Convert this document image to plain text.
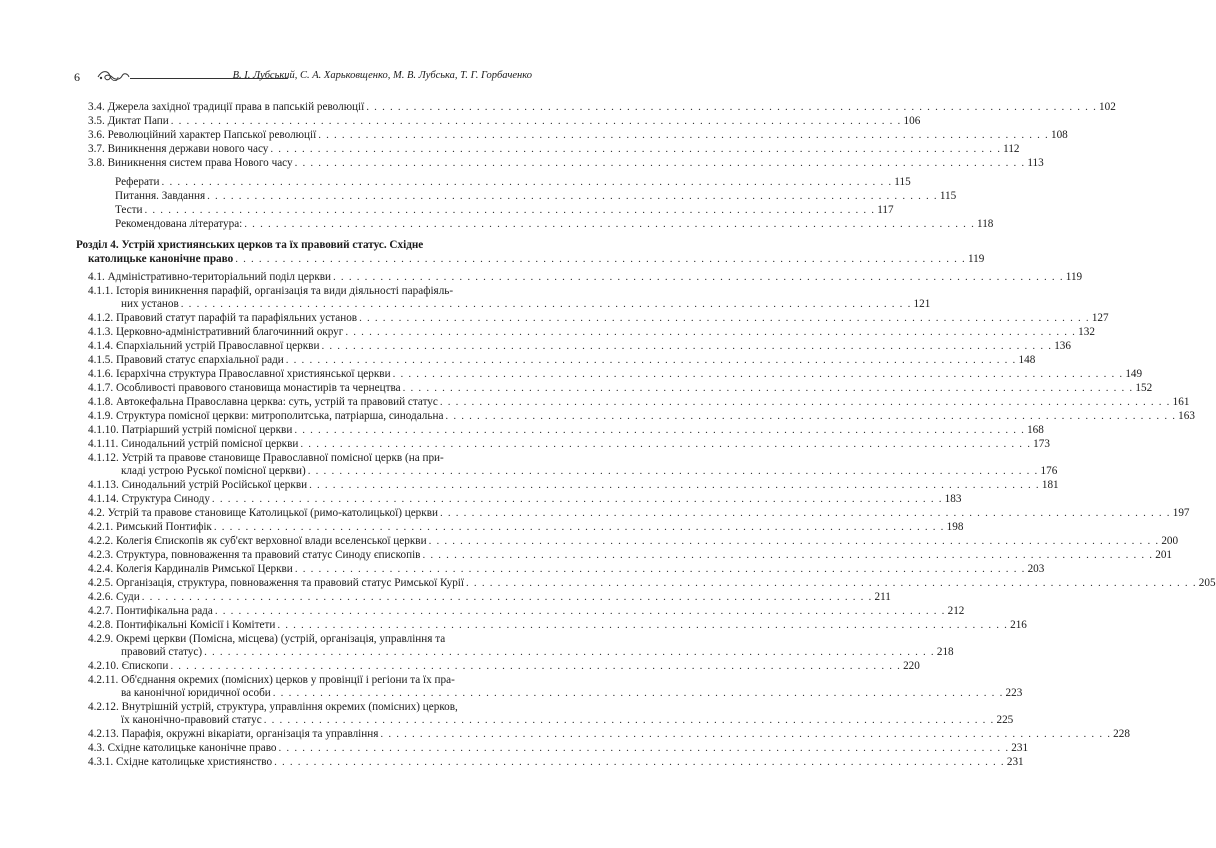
6	В. І. Лубський, С. А. Харьковщенко, М. В. Лубська, Т. Г. Горбаченко
3.4. Джерела західної традиції права в папській революції . . .	102
3.5. Диктат Папи . . .	106
3.6. Революційний характер Папської революції . . .	108
3.7. Виникнення держави нового часу . . .	112
3.8. Виникнення систем права Нового часу . . .	113
Реферати . . .	115
Питання. Завдання . . .	115
Тести . . .	117
Рекомендована література: . . .	118
Розділ 4. Устрій християнських церков та їх правовий статус. Східне
католицьке канонічне право . . .	119
4.1. Адміністративно-територіальний поділ церкви . . .	119
4.1.1. Історія виникнення парафій, організація та види діяльності парафіяль-
них установ . . .	121
4.1.2. Правовий статут парафій та парафіяльних установ . . .	127
4.1.3. Церковно-адміністративний благочинний округ . . .	132
4.1.4. Єпархіальний устрій Православної церкви . . .	136
4.1.5. Правовий статус єпархіальної ради . . .	148
4.1.6. Ієрархічна структура Православної християнської церкви . . .	149
4.1.7. Особливості правового становища монастирів та чернецтва . . .	152
4.1.8. Автокефальна Православна церква: суть, устрій та правовий статус . . .	161
4.1.9. Структура помісної церкви: митрополитська, патріарша, синодальна . . .	163
4.1.10. Патріарший устрій помісної церкви . . .	168
4.1.11. Синодальний устрій помісної церкви . . .	173
4.1.12. Устрій та правове становище Православної помісної церкв (на при-
кладі устрою Руської помісної церкви) . . .	176
4.1.13. Синодальний устрій Російської церкви . . .	181
4.1.14. Структура Синоду . . .	183
4.2. Устрій та правове становище Католицької (римо-католицької) церкви . . .	197
4.2.1. Римський Понтифік . . .	198
4.2.2. Колегія Єпископів як суб'єкт верховної влади вселенської церкви . . .	200
4.2.3. Структура, повноваження та правовий статус Синоду єпископів . . .	201
4.2.4. Колегія Кардиналів Римської Церкви . . .	203
4.2.5. Організація, структура, повноваження та правовий статус Римської Курії . . .	205
4.2.6. Суди . . .	211
4.2.7. Понтифікальна рада . . .	212
4.2.8. Понтифікальні Комісії і Комітети . . .	216
4.2.9. Окремі церкви (Помісна, місцева) (устрій, організація, управління та
правовий статус) . . .	218
4.2.10. Єпископи . . .	220
4.2.11. Об'єднання окремих (помісних) церков у провінції і регіони та їх пра-
ва канонічної юридичної особи . . .	223
4.2.12. Внутрішній устрій, структура, управління окремих (помісних) церков,
їх канонічно-правовий статус . . .	225
4.2.13. Парафія, окружні вікаріати, організація та управління . . .	228
4.3. Східне католицьке канонічне право . . .	231
4.3.1. Східне католицьке християнство . . .	231
